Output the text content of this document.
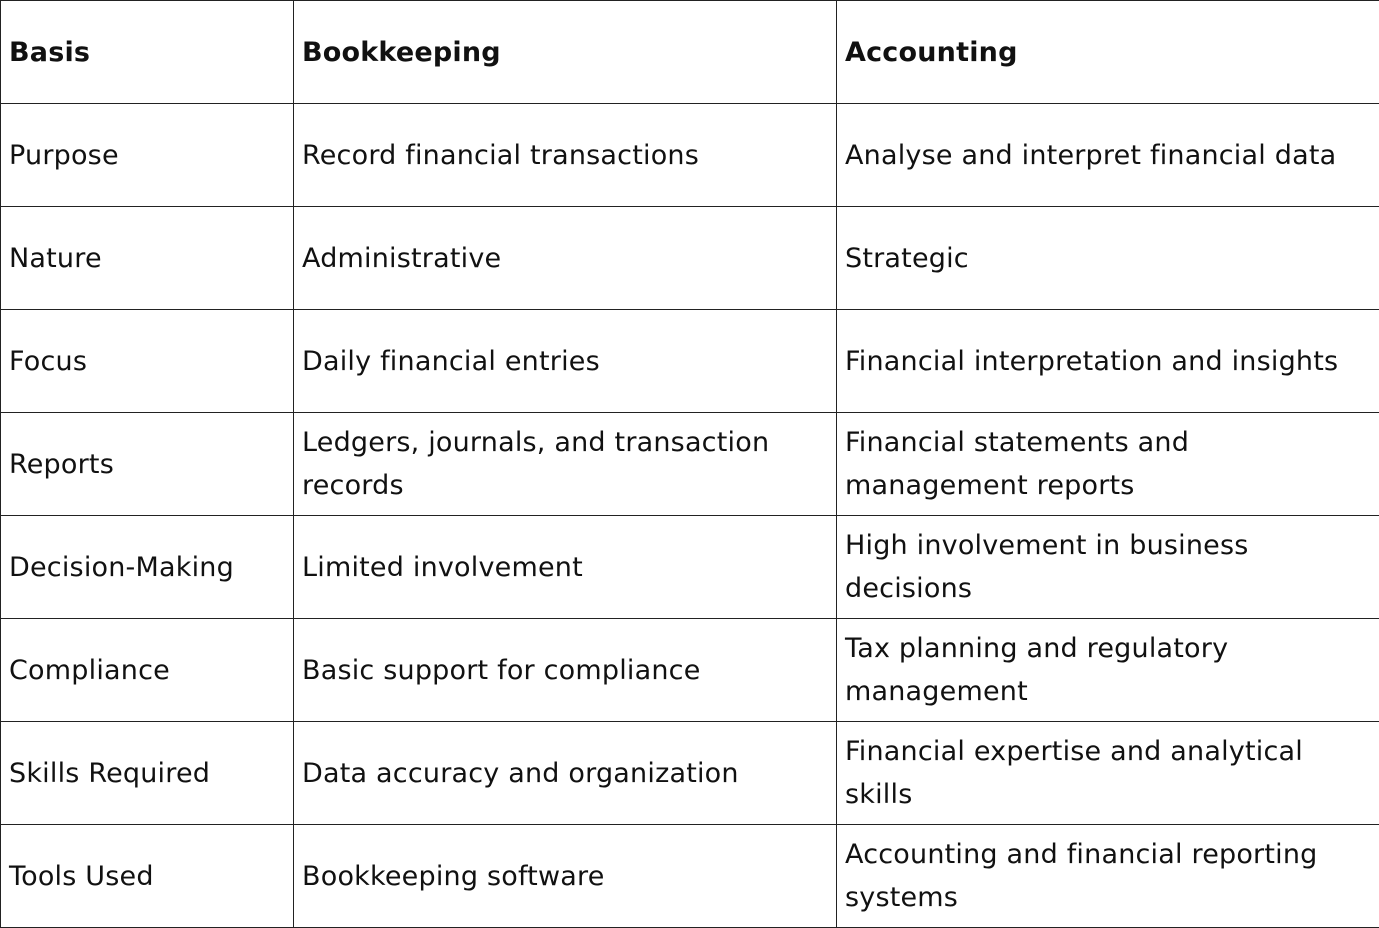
Basis	Bookkeeping	Accounting
Purpose	Record financial transactions	Analyse and interpret financial data
Nature	Administrative	Strategic
Focus	Daily financial entries	Financial interpretation and insights
Reports	Ledgers, journals, and transaction records	Financial statements and management reports
Decision-Making	Limited involvement	High involvement in business decisions
Compliance	Basic support for compliance	Tax planning and regulatory management
Skills Required	Data accuracy and organization	Financial expertise and analytical skills
Tools Used	Bookkeeping software	Accounting and financial reporting systems
